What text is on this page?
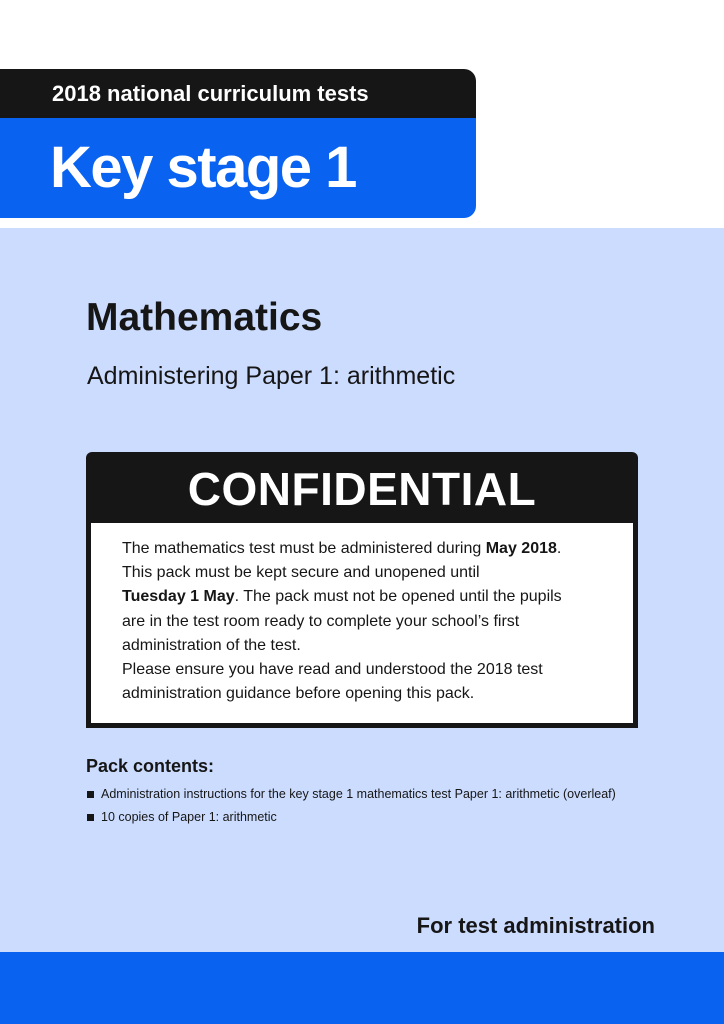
2018 national curriculum tests
Key stage 1
Mathematics
Administering Paper 1: arithmetic
CONFIDENTIAL
The mathematics test must be administered during May 2018.
This pack must be kept secure and unopened until
Tuesday 1 May. The pack must not be opened until the pupils
are in the test room ready to complete your school’s first
administration of the test.
Please ensure you have read and understood the 2018 test
administration guidance before opening this pack.
Pack contents:
Administration instructions for the key stage 1 mathematics test Paper 1: arithmetic (overleaf)
10 copies of Paper 1: arithmetic
For test administration
